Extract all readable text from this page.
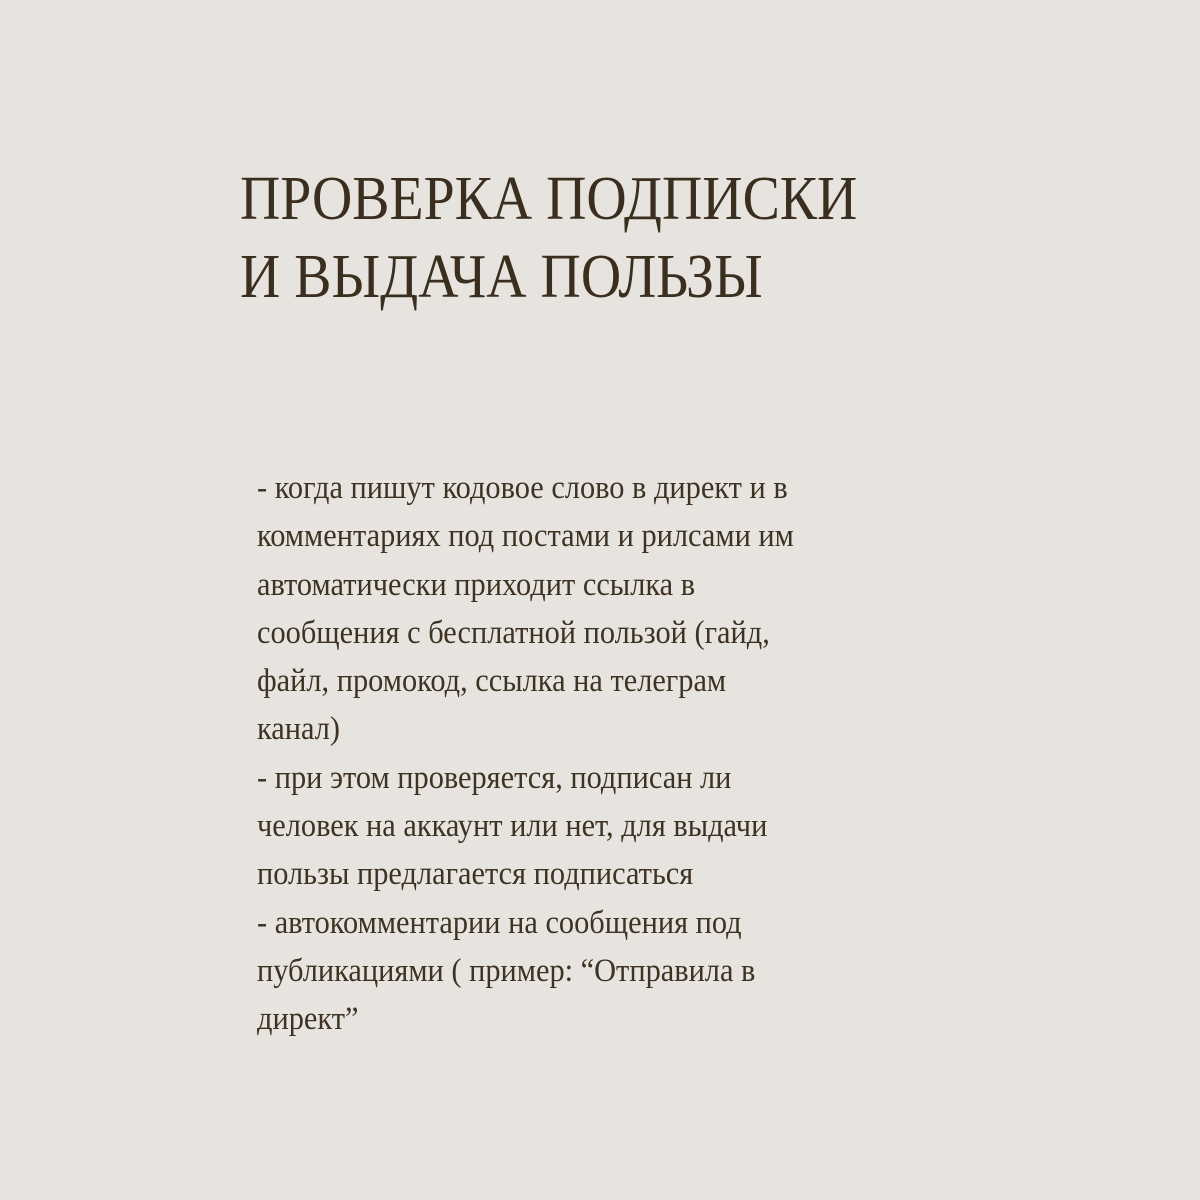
ПРОВЕРКА ПОДПИСКИ
И ВЫДАЧА ПОЛЬЗЫ
- когда пишут кодовое слово в директ и в
комментариях под постами и рилсами им
автоматически приходит ссылка в
сообщения с бесплатной пользой (гайд,
файл, промокод, ссылка на телеграм
канал)
- при этом проверяется, подписан ли
человек на аккаунт или нет, для выдачи
пользы предлагается подписаться
- автокомментарии на сообщения под
публикациями ( пример: “Отправила в
директ”
